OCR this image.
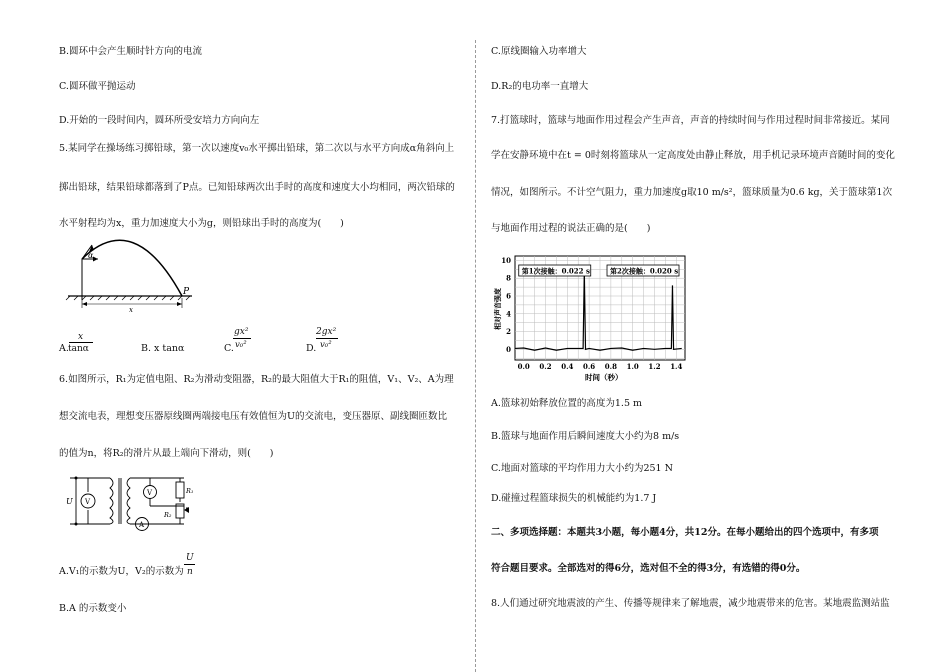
B.圆环中会产生顺时针方向的电流
C.圆环做平抛运动
D.开始的一段时间内，圆环所受安培力方向向左
5.某同学在操场练习掷铅球，第一次以速度v₀水平掷出铅球，第二次以与水平方向成α角斜向上
掷出铅球，结果铅球都落到了P点。已知铅球两次出手时的高度和速度大小均相同，两次铅球的
水平射程均为x，重力加速度大小为g，则铅球出手时的高度为(　　)
α
P
x
A.
x
tanα	B. x tanα	C.
gx²
v₀²	D.
2gx²
v₀²
6.如图所示，R₁为定值电阻、R₂为滑动变阻器，R₂的最大阻值大于R₁的阻值，V₁、V₂、A为理
想交流电表，理想变压器原线圈两端接电压有效值恒为U的交流电，变压器原、副线圈匝数比
的值为n，将R₂的滑片从最上端向下滑动，则(　　)
U V
V
A
R₁
R₂
A.V₁的示数为U，V₂的示数为
U
n
B.A 的示数变小
C.原线圈输入功率增大
D.R₂的电功率一直增大
7.打篮球时，篮球与地面作用过程会产生声音，声音的持续时间与作用过程时间非常接近。某同
学在安静环境中在t = 0时刻将篮球从一定高度处由静止释放，用手机记录环境声音随时间的变化
情况，如图所示。不计空气阻力，重力加速度g取10 m/s²，篮球质量为0.6 kg，关于篮球第1次
与地面作用过程的说法正确的是(　　)
0.0 0.2 0.4 0.6 0.8 1.0 1.2 1.4
0
2
4
6
8
10
第1次接触：0.022 s	第2次接触：0.020 s
相对声音强度
时间（秒）
A.篮球初始释放位置的高度为1.5 m
B.篮球与地面作用后瞬间速度大小约为8 m/s
C.地面对篮球的平均作用力大小约为251 N
D.碰撞过程篮球损失的机械能约为1.7 J
二、多项选择题：本题共3小题，每小题4分，共12分。在每小题给出的四个选项中，有多项
符合题目要求。全部选对的得6分，选对但不全的得3分，有选错的得0分。
8.人们通过研究地震波的产生、传播等规律来了解地震，减少地震带来的危害。某地震监测站监
